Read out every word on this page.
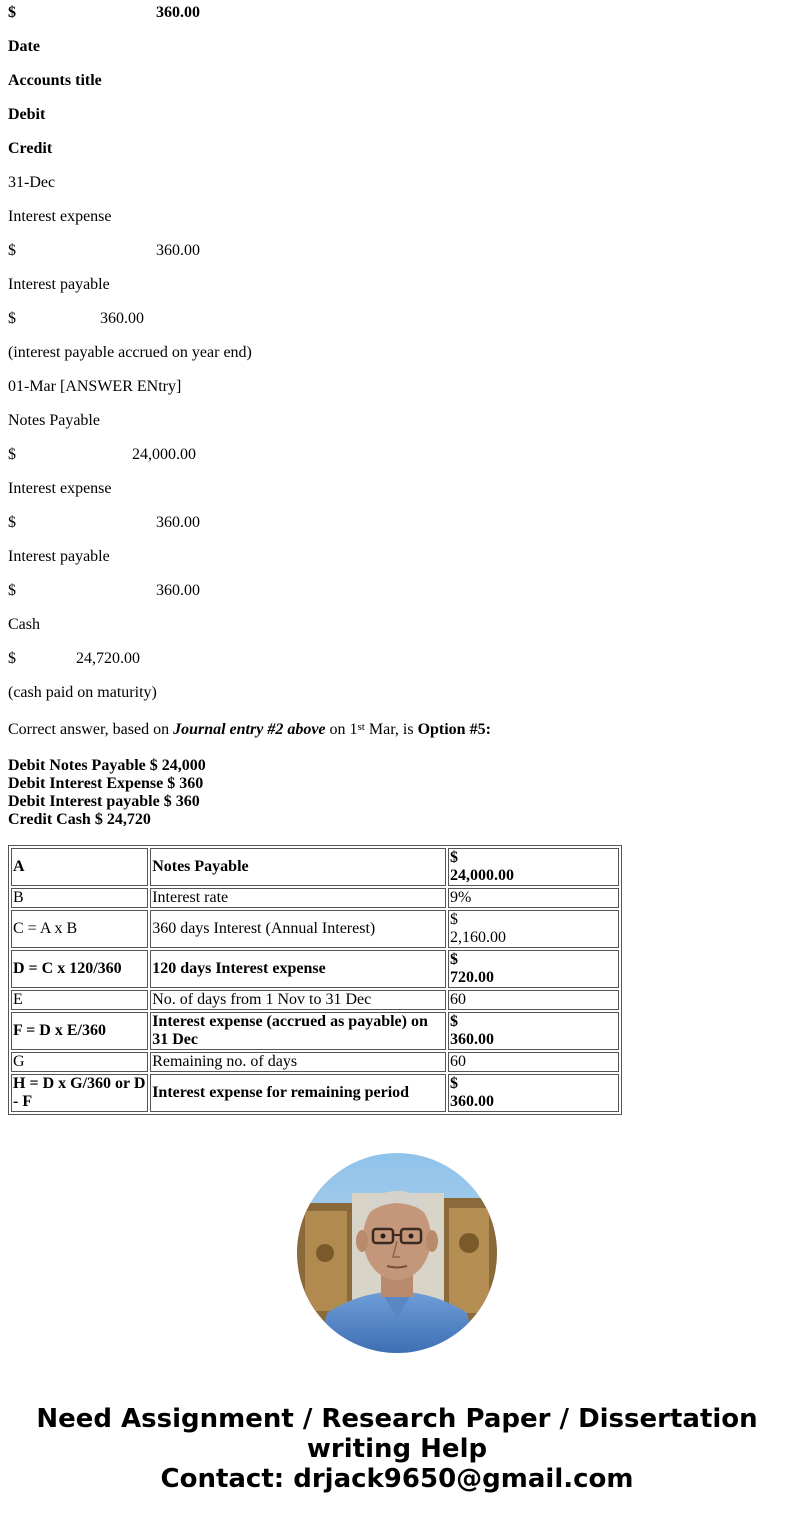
$	360.00
Date
Accounts title
Debit
Credit
31-Dec
Interest expense
$	360.00
Interest payable
$	360.00
(interest payable accrued on year end)
01-Mar [ANSWER ENtry]
Notes Payable
$	24,000.00
Interest expense
$	360.00
Interest payable
$	360.00
Cash
$	24,720.00
(cash paid on maturity)
Correct answer, based on Journal entry #2 above on 1st Mar, is Option #5:
Debit Notes Payable $ 24,000
Debit Interest Expense $ 360
Debit Interest payable $ 360
Credit Cash $ 24,720
A	Notes Payable	$
24,000.00

B	Interest rate	9%
C = A x B	360 days Interest (Annual Interest)	$
2,160.00

D = C x 120/360	120 days Interest expense	$
720.00

E	No. of days from 1 Nov to 31 Dec	60
F = D x E/360	Interest expense (accrued as payable) on 31 Dec	$
360.00

G	Remaining no. of days	60
H = D x G/360 or D - F	Interest expense for remaining period	$
360.00
Need Assignment / Research Paper / Dissertation
writing Help
Contact: drjack9650@gmail.com
